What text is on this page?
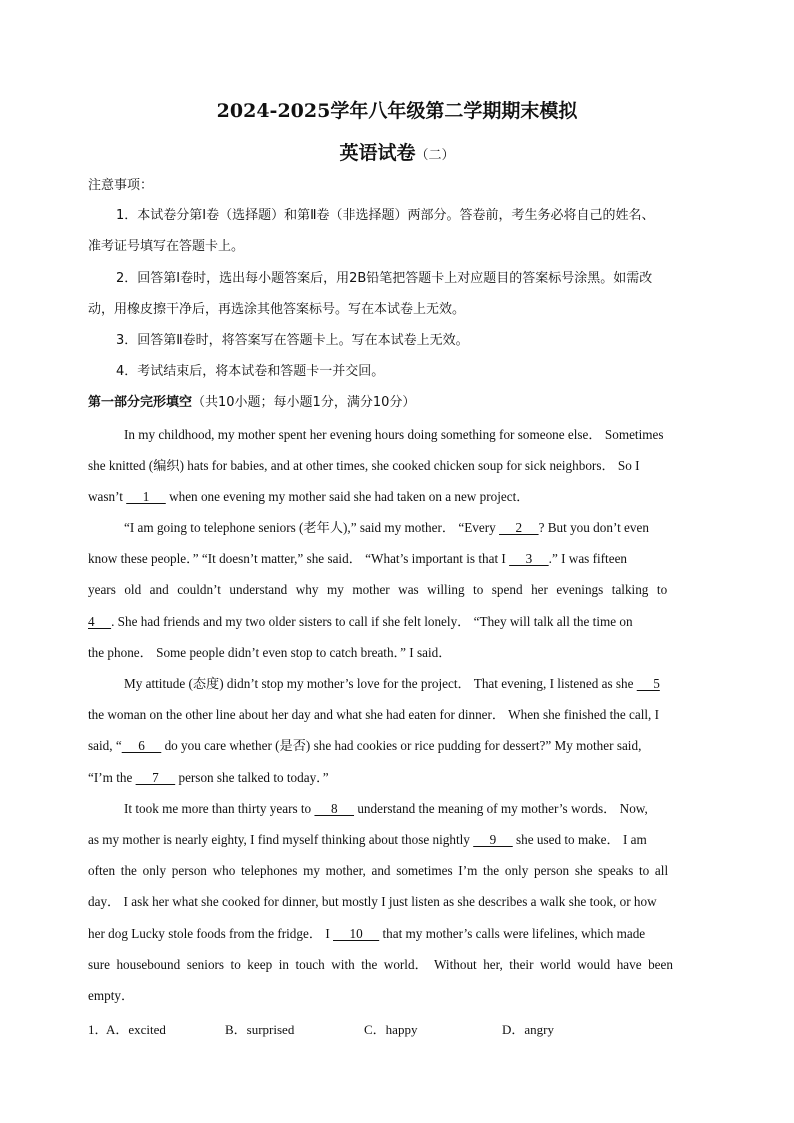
2024-2025学年八年级第二学期期末模拟
英语试卷（二）
注意事项：
1．本试卷分第Ⅰ卷（选择题）和第Ⅱ卷（非选择题）两部分。答卷前，考生务必将自己的姓名、
准考证号填写在答题卡上。
2．回答第Ⅰ卷时，选出每小题答案后，用2B铅笔把答题卡上对应题目的答案标号涂黑。如需改
动，用橡皮擦干净后，再选涂其他答案标号。写在本试卷上无效。
3．回答第Ⅱ卷时，将答案写在答题卡上。写在本试卷上无效。
4．考试结束后，将本试卷和答题卡一并交回。
第一部分完形填空（共10小题；每小题1分，满分10分）
In my childhood, my mother spent her evening hours doing something for someone else． Sometimes
she knitted (编织) hats for babies, and at other times, she cooked chicken soup for sick neighbors． So I
wasn’t      1      when one evening my mother said she had taken on a new project．
“I am going to telephone seniors (老年人),” said my mother． “Every      2     ? But you don’t even
know these people．” “It doesn’t matter,” she said． “What’s important is that I      3     .” I was fifteen
years old and couldn’t understand why my mother was willing to spend her evenings talking to
4     . She had friends and my two older sisters to call if she felt lonely． “They will talk all the time on
the phone． Some people didn’t even stop to catch breath．” I said．
My attitude (态度) didn’t stop my mother’s love for the project． That evening, I listened as she      5
the woman on the other line about her day and what she had eaten for dinner． When she finished the call, I
said, “     6      do you care whether (是否) she had cookies or rice pudding for dessert?” My mother said,
“I’m the      7      person she talked to today．”
It took me more than thirty years to      8      understand the meaning of my mother’s words． Now,
as my mother is nearly eighty, I find myself thinking about those nightly      9      she used to make． I am
often the only person who telephones my mother, and sometimes I’m the only person she speaks to all
day． I ask her what she cooked for dinner, but mostly I just listen as she describes a walk she took, or how
her dog Lucky stole foods from the fridge． I      10      that my mother’s calls were lifelines, which made
sure housebound seniors to keep in touch with the world． Without her, their world would have been
empty．
1．
A．excited	B．surprised	C．happy	D．angry
